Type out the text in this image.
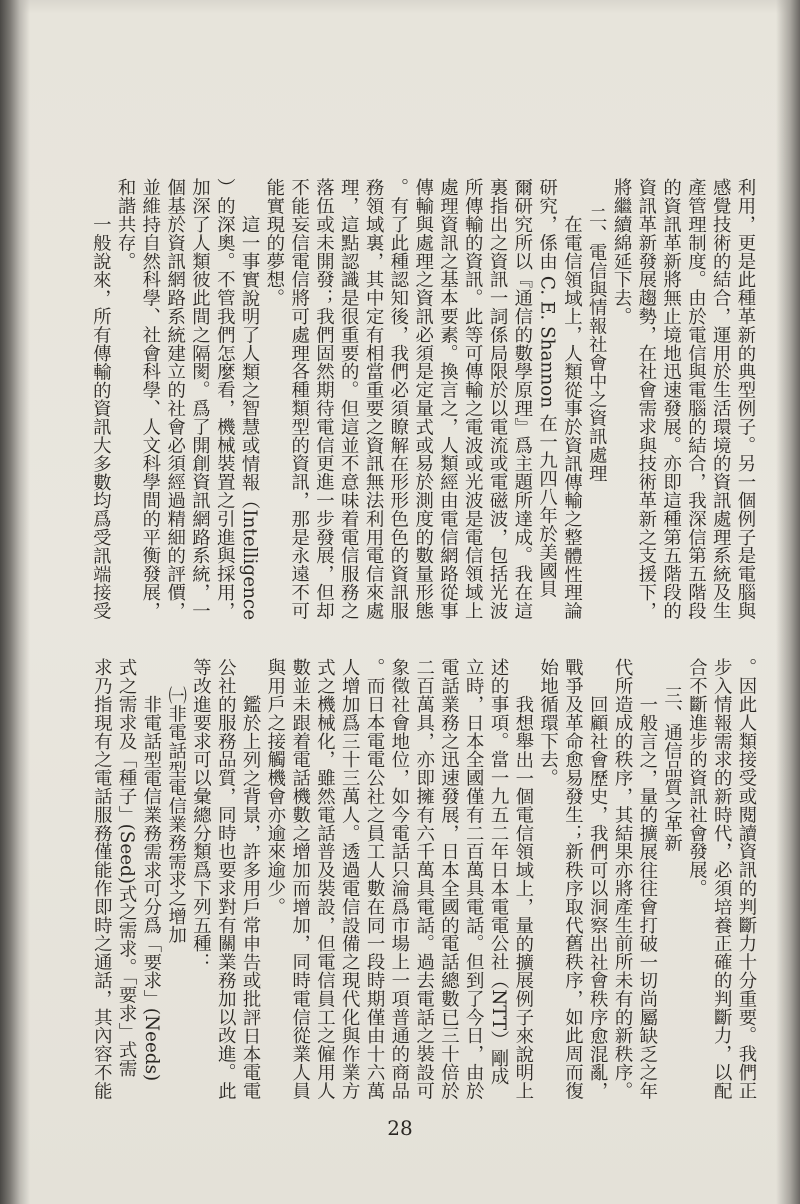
利用，更是此種革新的典型例子。另一個例子是電腦與
感覺技術的結合，運用於生活環境的資訊處理系統及生
產管理制度。由於電信與電腦的結合，我深信第五階段
的資訊革新將無止境地迅速發展。亦即這種第五階段的
資訊革新發展趨勢，在社會需求與技術革新之支援下，
將繼續綿延下去。
二、電信與情報社會中之資訊處理
在電信領域上，人類從事於資訊傳輸之整體性理論
研究，係由 C. E. Shannon 在一九四八年於美國貝
爾研究所以『通信的數學原理』爲主題所達成。我在這
裏指出之資訊一詞係局限於以電流或電磁波，包括光波
所傳輸的資訊。此等可傳輸之電波或光波是電信領域上
處理資訊之基本要素。換言之，人類經由電信網路從事
傳輸與處理之資訊必須是定量式或易於測度的數量形態
。有了此種認知後，我們必須瞭解在形形色色的資訊服
務領域裏，其中定有相當重要之資訊無法利用電信來處
理，這點認識是很重要的。但這並不意味着電信服務之
落伍或未開發；我們固然期待電信更進一步發展，但却
不能妄信電信將可處理各種類型的資訊，那是永遠不可
能實現的夢想。
這一事實說明了人類之智慧或情報（Intelligence
）的深奧。不管我們怎麼看，機械裝置之引進與採用，
加深了人類彼此間之隔閡。爲了開創資訊網路系統，一
個基於資訊網路系統建立的社會必須經過精細的評價，
並維持自然科學、社會科學、人文科學間的平衡發展，
和諧共存。
一般說來，所有傳輸的資訊大多數均爲受訊端接受
。因此人類接受或閱讀資訊的判斷力十分重要。我們正
步入情報需求的新時代，必須培養正確的判斷力，以配
合不斷進步的資訊社會發展。
三、通信品質之革新
一般言之，量的擴展往往會打破一切尚屬缺乏之年
代所造成的秩序，其結果亦將產生前所未有的新秩序。
回顧社會歷史，我們可以洞察出社會秩序愈混亂，
戰爭及革命愈易發生；新秩序取代舊秩序，如此周而復
始地循環下去。
我想舉出一個電信領域上，量的擴展例子來說明上
述的事項。當一九五二年日本電電公社（NTT）剛成
立時，日本全國僅有二百萬具電話。但到了今日，由於
電話業務之迅速發展，日本全國的電話總數已三十倍於
二百萬具，亦即擁有六千萬具電話。過去電話之裝設可
象徵社會地位，如今電話只淪爲市場上一項普通的商品
。而日本電電公社之員工人數在同一段時期僅由十六萬
人增加爲三十三萬人。透過電信設備之現代化與作業方
式之機械化，雖然電話普及裝設，但電信員工之僱用人
數並未跟着電話機數之增加而增加，同時電信從業人員
與用戶之接觸機會亦逾來逾少。
鑑於上列之背景，許多用戶常申告或批評日本電電
公社的服務品質，同時也要求對有關業務加以改進。此
等改進要求可以彙總分類爲下列五種：
㈠非電話型電信業務需求之增加
非電話型電信業務需求可分爲「要求」(Needs)
式之需求及「種子」(Seed)式之需求。「要求」式需
求乃指現有之電話服務僅能作即時之通話，其內容不能
28
